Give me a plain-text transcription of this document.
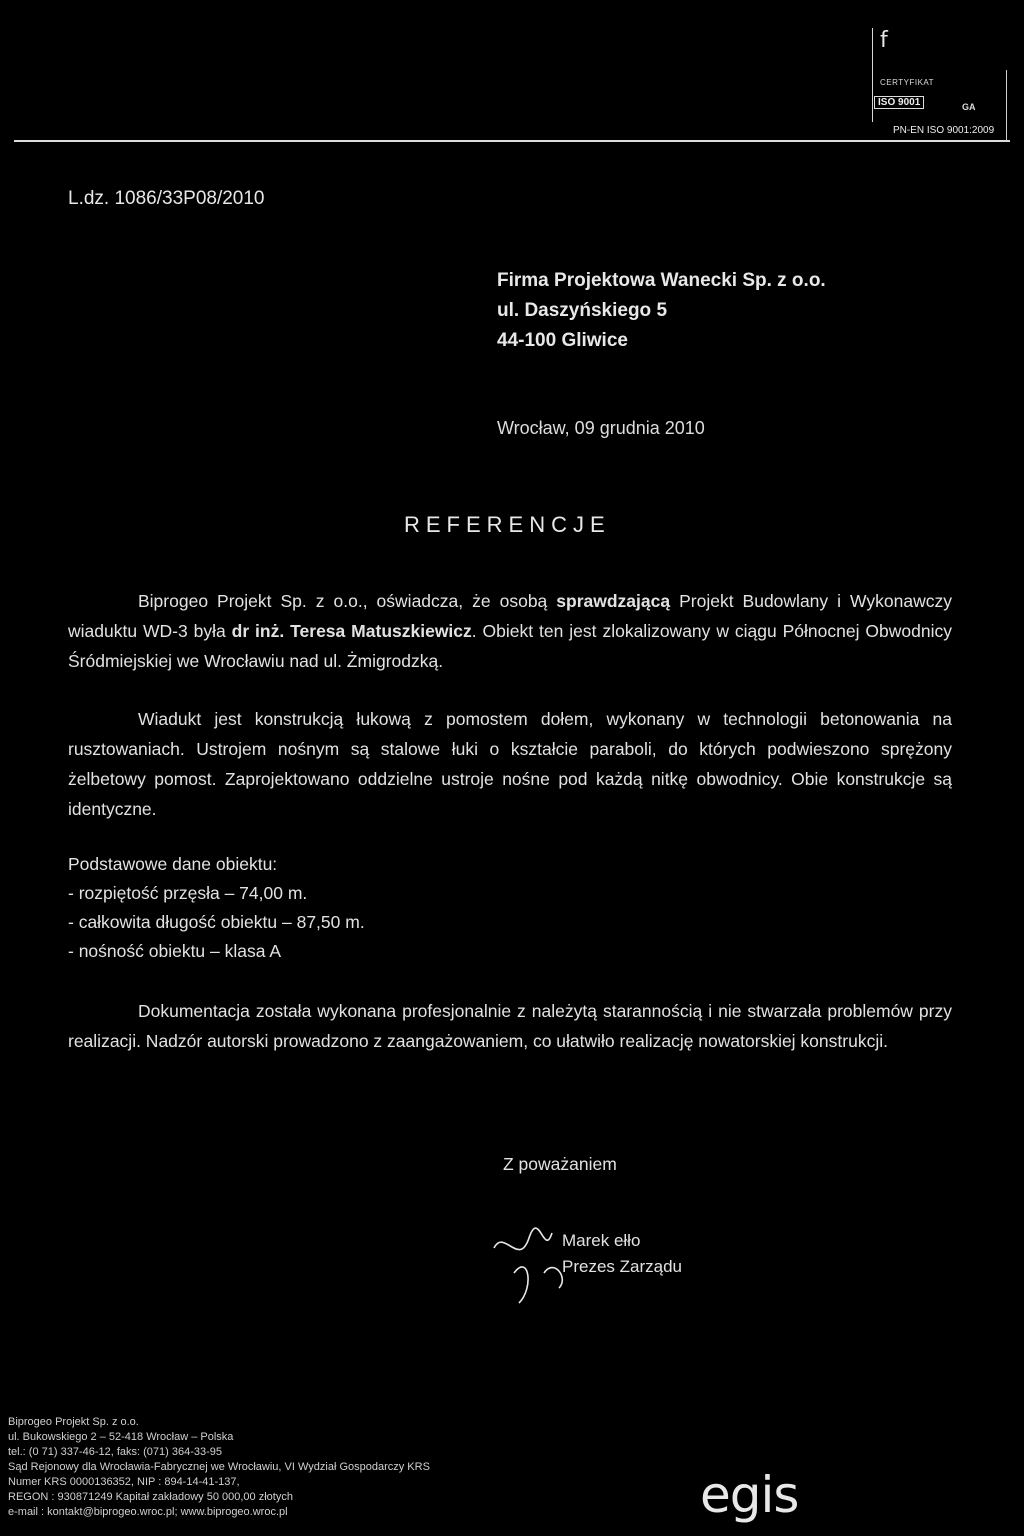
f
CERTYFIKAT
ISO 9001	GA
PN-EN ISO 9001:2009
L.dz. 1086/33P08/2010
Firma Projektowa Wanecki Sp. z o.o.
ul. Daszyńskiego 5
44-100 Gliwice
Wrocław, 09 grudnia 2010
REFERENCJE
Biprogeo Projekt Sp. z o.o., oświadcza, że osobą sprawdzającą Projekt Budowlany i Wykonawczy wiaduktu WD-3 była dr inż. Teresa Matuszkiewicz. Obiekt ten jest zlokalizowany w ciągu Północnej Obwodnicy Śródmiejskiej we Wrocławiu nad ul. Żmigrodzką.
Wiadukt jest konstrukcją łukową z pomostem dołem, wykonany w technologii betonowania na rusztowaniach. Ustrojem nośnym są stalowe łuki o kształcie paraboli, do których podwieszono sprężony żelbetowy pomost. Zaprojektowano oddzielne ustroje nośne pod każdą nitkę obwodnicy. Obie konstrukcje są identyczne.
Podstawowe dane obiektu:
- rozpiętość przęsła – 74,00 m.
- całkowita długość obiektu – 87,50 m.
- nośność obiektu – klasa A
Dokumentacja została wykonana profesjonalnie z należytą starannością i nie stwarzała problemów przy realizacji. Nadzór autorski prowadzono z zaangażowaniem, co ułatwiło realizację nowatorskiej konstrukcji.
Z poważaniem
Marek ełło
Prezes Zarządu
Biprogeo Projekt Sp. z o.o.
ul. Bukowskiego 2 – 52-418 Wrocław – Polska
tel.: (0 71) 337-46-12, faks: (071) 364-33-95
Sąd Rejonowy dla Wrocławia-Fabrycznej we Wrocławiu, VI Wydział Gospodarczy KRS
Numer KRS 0000136352, NIP : 894-14-41-137,
REGON : 930871249 Kapitał zakładowy 50 000,00 złotych
e-mail : kontakt@biprogeo.wroc.pl; www.biprogeo.wroc.pl	egis
